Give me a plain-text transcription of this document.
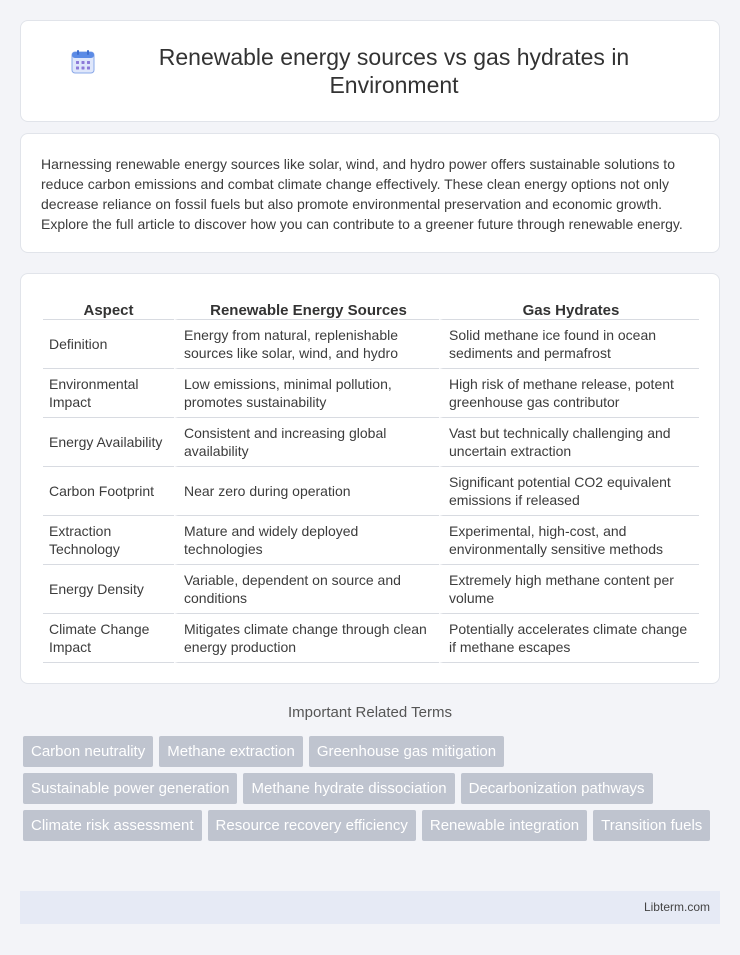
Renewable energy sources vs gas hydrates in Environment

Harnessing renewable energy sources like solar, wind, and hydro power offers sustainable solutions to reduce carbon emissions and combat climate change effectively. These clean energy options not only decrease reliance on fossil fuels but also promote environmental preservation and economic growth. Explore the full article to discover how you can contribute to a greener future through renewable energy.

Aspect	Renewable Energy Sources	Gas Hydrates
Definition	Energy from natural, replenishable sources like solar, wind, and hydro	Solid methane ice found in ocean sediments and permafrost
Environmental Impact	Low emissions, minimal pollution, promotes sustainability	High risk of methane release, potent greenhouse gas contributor
Energy Availability	Consistent and increasing global availability	Vast but technically challenging and uncertain extraction
Carbon Footprint	Near zero during operation	Significant potential CO2 equivalent emissions if released
Extraction Technology	Mature and widely deployed technologies	Experimental, high-cost, and environmentally sensitive methods
Energy Density	Variable, dependent on source and conditions	Extremely high methane content per volume
Climate Change Impact	Mitigates climate change through clean energy production	Potentially accelerates climate change if methane escapes
Important Related Terms
Carbon neutrality	Methane extraction	Greenhouse gas mitigation
Sustainable power generation	Methane hydrate dissociation	Decarbonization pathways
Climate risk assessment	Resource recovery efficiency	Renewable integration	Transition fuels
Libterm.com
